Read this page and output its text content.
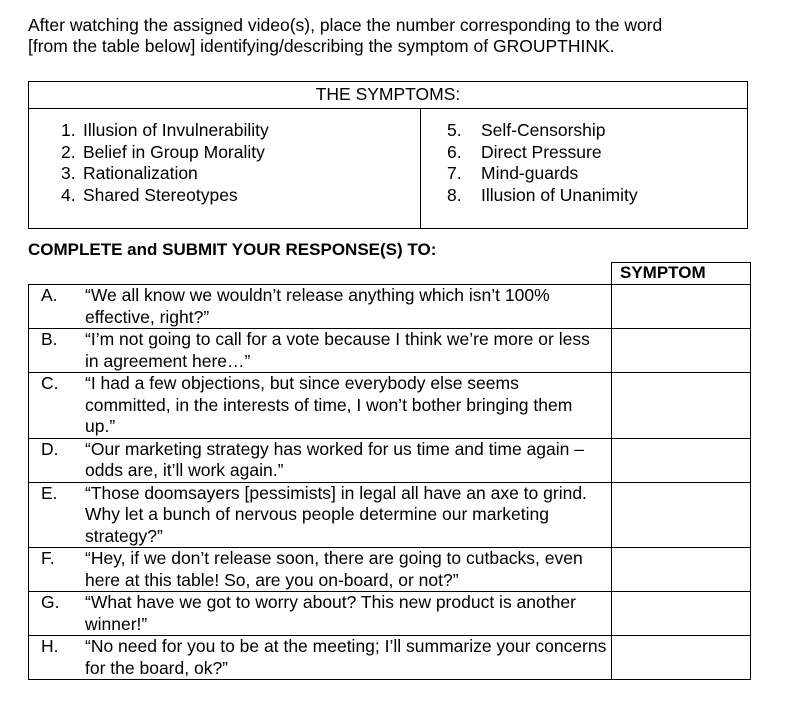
After watching the assigned video(s), place the number corresponding to the word
[from the table below] identifying/describing the symptom of GROUPTHINK.
THE SYMPTOMS:

1. Illusion of Invulnerability
2. Belief in Group Morality
3. Rationalization
4. Shared Stereotypes

5.	Self-Censorship
6.	Direct Pressure
7.	Mind-guards
8.	Illusion of Unanimity
COMPLETE and SUBMIT YOUR RESPONSE(S) TO:
	SYMPTOM

A. “We all know we wouldn’t release anything which isn’t 100% effective, right?”	

B. “I’m not going to call for a vote because I think we’re more or less in agreement here…”	

C. “I had a few objections, but since everybody else seems committed, in the interests of time, I won’t bother bringing them up.”	

D. “Our marketing strategy has worked for us time and time again – odds are, it’ll work again.”	

E. “Those doomsayers [pessimists] in legal all have an axe to grind. Why let a bunch of nervous people determine our marketing strategy?”	

F. “Hey, if we don’t release soon, there are going to cutbacks, even here at this table! So, are you on-board, or not?”	

G. “What have we got to worry about? This new product is another winner!”	

H. “No need for you to be at the meeting; I’ll summarize your concerns for the board, ok?”	
